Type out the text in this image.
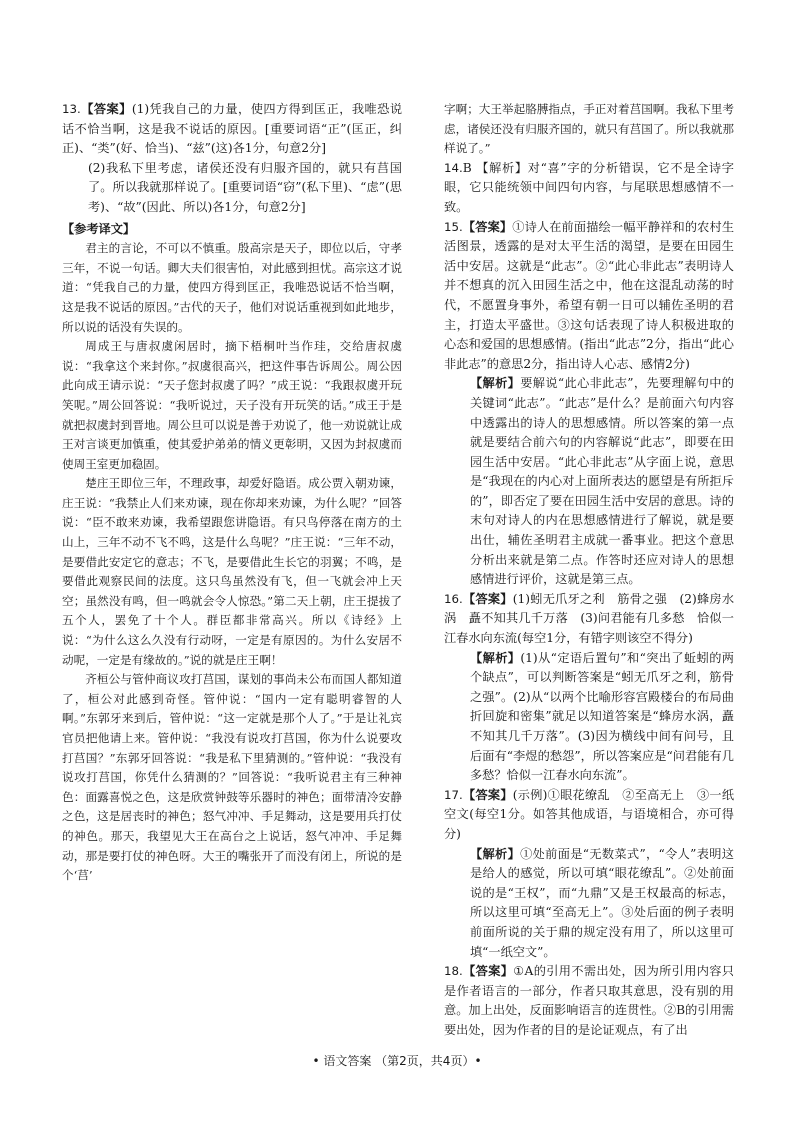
13.【答案】(1)凭我自己的力量，使四方得到匡正，我唯恐说话不恰当啊，这是我不说话的原因。[重要词语“正”(匡正，纠正)、“类”(好、恰当)、“兹”(这)各1分，句意2分]

(2)我私下里考虑，诸侯还没有归服齐国的，就只有莒国了。所以我就那样说了。[重要词语“窃”(私下里)、“虑”(思考)、“故”(因此、所以)各1分，句意2分]

【参考译文】

君主的言论，不可以不慎重。殷高宗是天子，即位以后，守孝三年，不说一句话。卿大夫们很害怕，对此感到担忧。高宗这才说道：“凭我自己的力量，使四方得到匡正，我唯恐说话不恰当啊，这是我不说话的原因。”古代的天子，他们对说话重视到如此地步，所以说的话没有失误的。

周成王与唐叔虞闲居时，摘下梧桐叶当作珪，交给唐叔虞说：“我拿这个来封你。”叔虞很高兴，把这件事告诉周公。周公因此向成王请示说：“天子您封叔虞了吗？”成王说：“我跟叔虞开玩笑呢。”周公回答说：“我听说过，天子没有开玩笑的话。”成王于是就把叔虞封到晋地。周公旦可以说是善于劝说了，他一劝说就让成王对言谈更加慎重，使其爱护弟弟的情义更彰明，又因为封叔虞而使周王室更加稳固。

楚庄王即位三年，不理政事，却爱好隐语。成公贾入朝劝谏，庄王说：“我禁止人们来劝谏，现在你却来劝谏，为什么呢？”回答说：“臣不敢来劝谏，我希望跟您讲隐语。有只鸟停落在南方的土山上，三年不动不飞不鸣，这是什么鸟呢？”庄王说：“三年不动，是要借此安定它的意志；不飞，是要借此生长它的羽翼；不鸣，是要借此观察民间的法度。这只鸟虽然没有飞，但一飞就会冲上天空；虽然没有鸣，但一鸣就会令人惊恐。”第二天上朝，庄王提拔了五个人，罢免了十个人。群臣都非常高兴。所以《诗经》上说：“为什么这么久没有行动呀，一定是有原因的。为什么安居不动呢，一定是有缘故的。”说的就是庄王啊！

齐桓公与管仲商议攻打莒国，谋划的事尚未公布而国人都知道了，桓公对此感到奇怪。管仲说：“国内一定有聪明睿智的人啊。”东郭牙来到后，管仲说：“这一定就是那个人了。”于是让礼宾官员把他请上来。管仲说：“我没有说攻打莒国，你为什么说要攻打莒国？”东郭牙回答说：“我是私下里猜测的。”管仲说：“我没有说攻打莒国，你凭什么猜测的？”回答说：“我听说君主有三种神色：面露喜悦之色，这是欣赏钟鼓等乐器时的神色；面带清冷安静之色，这是居丧时的神色；怒气冲冲、手足舞动，这是要用兵打仗的神色。那天，我望见大王在高台之上说话，怒气冲冲、手足舞动，那是要打仗的神色呀。大王的嘴张开了而没有闭上，所说的是个‘莒’

字啊；大王举起胳膊指点，手正对着莒国啊。我私下里考虑，诸侯还没有归服齐国的，就只有莒国了。所以我就那样说了。”

14.B 【解析】对“喜”字的分析错误，它不是全诗字眼，它只能统领中间四句内容，与尾联思想感情不一致。

15.【答案】①诗人在前面描绘一幅平静祥和的农村生活图景，透露的是对太平生活的渴望，是要在田园生活中安居。这就是“此志”。②“此心非此志”表明诗人并不想真的沉入田园生活之中，他在这混乱动荡的时代，不愿置身事外，希望有朝一日可以辅佐圣明的君主，打造太平盛世。③这句话表现了诗人积极进取的心态和爱国的思想感情。(指出“此志”2分，指出“此心非此志”的意思2分，指出诗人心志、感情2分)

【解析】要解说“此心非此志”，先要理解句中的关键词“此志”。“此志”是什么？是前面六句内容中透露出的诗人的思想感情。所以答案的第一点就是要结合前六句的内容解说“此志”，即要在田园生活中安居。“此心非此志”从字面上说，意思是“我现在的内心对上面所表达的愿望是有所拒斥的”，即否定了要在田园生活中安居的意思。诗的末句对诗人的内在思想感情进行了解说，就是要出仕，辅佐圣明君主成就一番事业。把这个意思分析出来就是第二点。作答时还应对诗人的思想感情进行评价，这就是第三点。

16.【答案】(1)蚓无爪牙之利　筋骨之强　(2)蜂房水涡　矗不知其几千万落　(3)问君能有几多愁　恰似一江春水向东流(每空1分，有错字则该空不得分)

【解析】(1)从“定语后置句”和“突出了蚯蚓的两个缺点”，可以判断答案是“蚓无爪牙之利，筋骨之强”。(2)从“以两个比喻形容宫殿楼台的布局曲折回旋和密集”就足以知道答案是“蜂房水涡，矗不知其几千万落”。(3)因为横线中间有问号，且后面有“李煜的愁怨”，所以答案应是“问君能有几多愁？恰似一江春水向东流”。

17.【答案】(示例)①眼花缭乱　②至高无上　③一纸空文(每空1分。如答其他成语，与语境相合，亦可得分)

【解析】①处前面是“无数菜式”，“令人”表明这是给人的感觉，所以可填“眼花缭乱”。②处前面说的是“王权”，而“九鼎”又是王权最高的标志，所以这里可填“至高无上”。③处后面的例子表明前面所说的关于鼎的规定没有用了，所以这里可填“一纸空文”。

18.【答案】①A的引用不需出处，因为所引用内容只是作者语言的一部分，作者只取其意思，没有别的用意。加上出处，反面影响语言的连贯性。②B的引用需要出处，因为作者的目的是论证观点，有了出

• 语文答案 （第2页，共4页）•
